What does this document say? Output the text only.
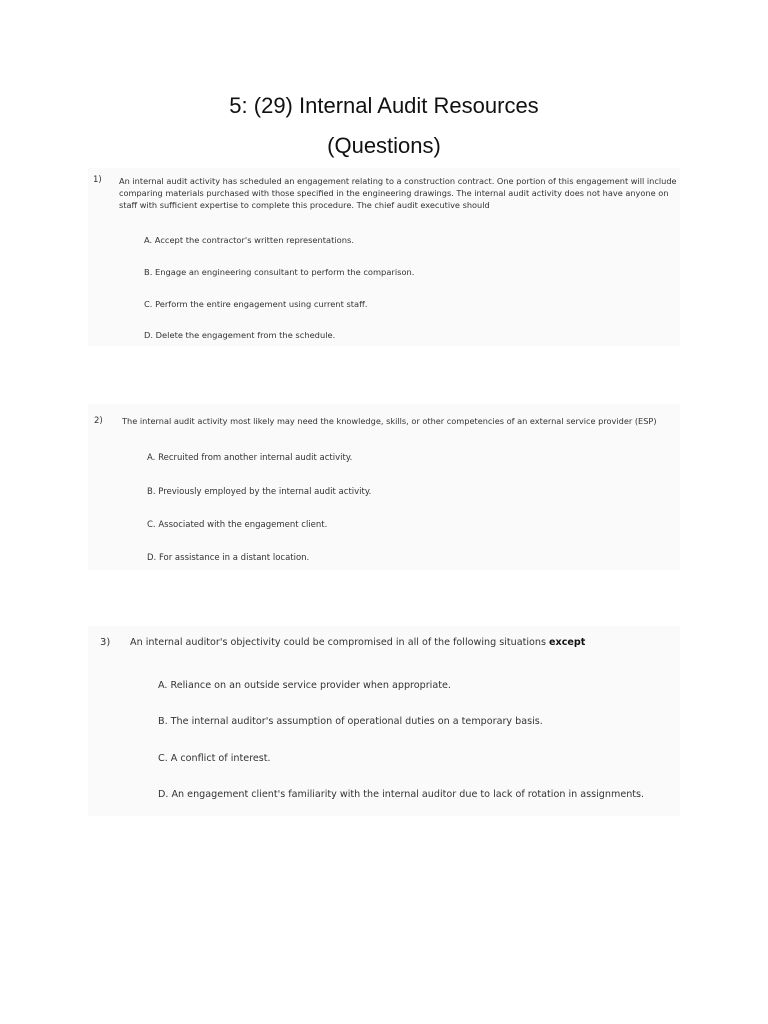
5: (29) Internal Audit Resources
(Questions)
1) An internal audit activity has scheduled an engagement relating to a construction contract. One portion of this engagement will include comparing materials purchased with those specified in the engineering drawings. The internal audit activity does not have anyone on staff with sufficient expertise to complete this procedure. The chief audit executive should
A. Accept the contractor's written representations.
B. Engage an engineering consultant to perform the comparison.
C. Perform the entire engagement using current staff.
D. Delete the engagement from the schedule.
2) The internal audit activity most likely may need the knowledge, skills, or other competencies of an external service provider (ESP)
A. Recruited from another internal audit activity.
B. Previously employed by the internal audit activity.
C. Associated with the engagement client.
D. For assistance in a distant location.
3) An internal auditor's objectivity could be compromised in all of the following situations except
A. Reliance on an outside service provider when appropriate.
B. The internal auditor's assumption of operational duties on a temporary basis.
C. A conflict of interest.
D. An engagement client's familiarity with the internal auditor due to lack of rotation in assignments.
